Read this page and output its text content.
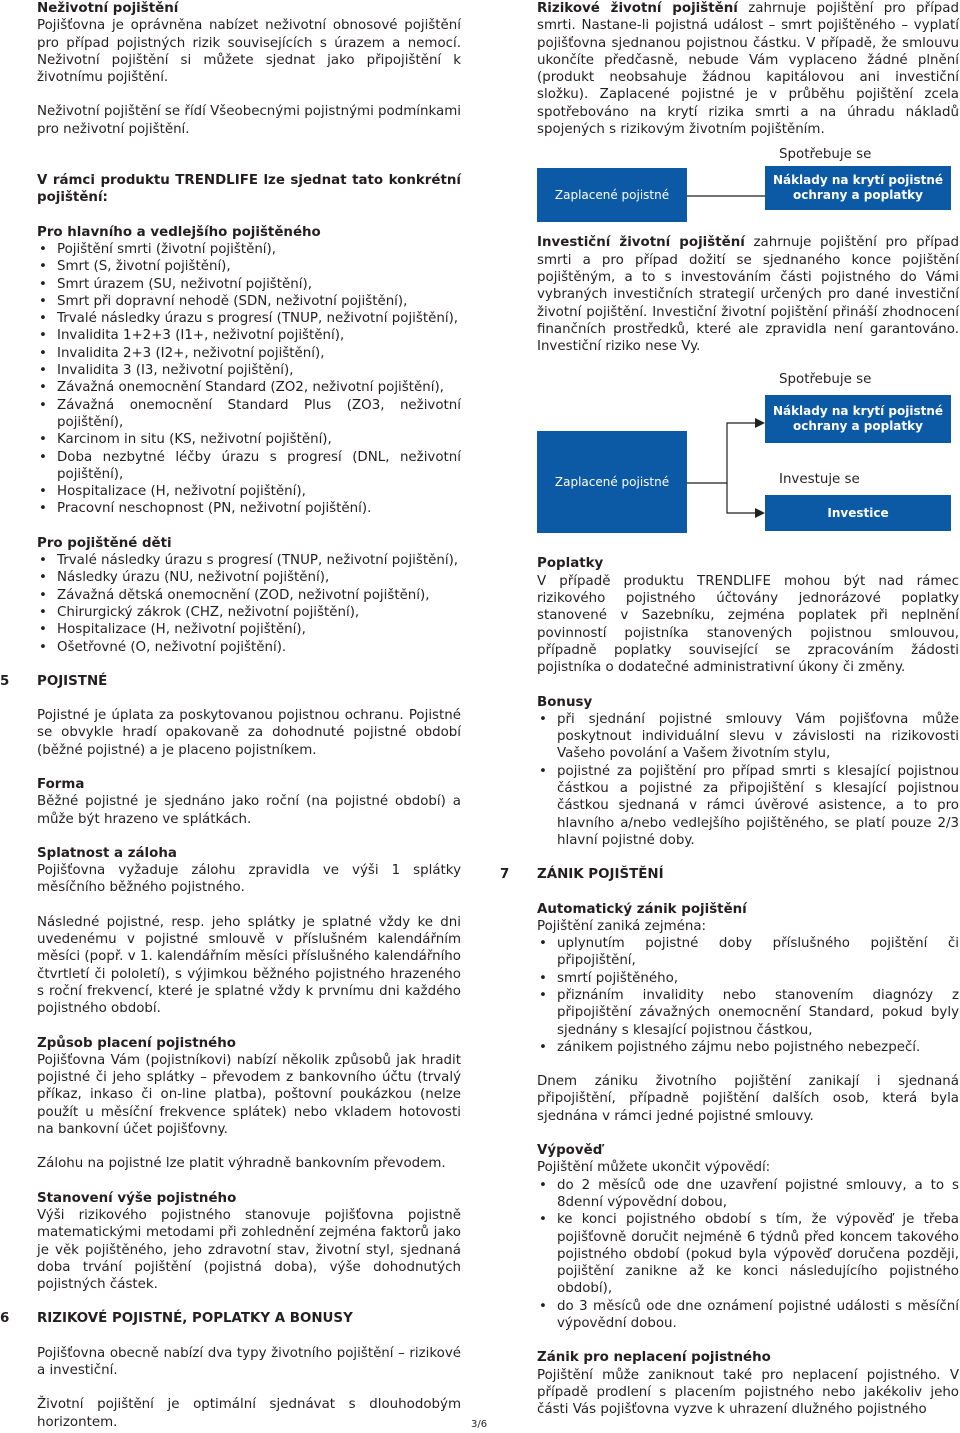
Neživotní pojištění

Pojišťovna je oprávněna nabízet neživotní obnosové pojištění pro případ pojistných rizik souvisejících s úrazem a nemocí. Neživotní pojištění si můžete sjednat jako připojištění k životnímu pojištění.

Neživotní pojištění se řídí Všeobecnými pojistnými podmínkami pro neživotní pojištění.

V rámci produktu TRENDLIFE lze sjednat tato konkrétní pojištění:

Pro hlavního a vedlejšího pojištěného

• Pojištění smrti (životní pojištění),
• Smrt (S, životní pojištění),
• Smrt úrazem (SU, neživotní pojištění),
• Smrt při dopravní nehodě (SDN, neživotní pojištění),
• Trvalé následky úrazu s progresí (TNUP, neživotní pojištění),
• Invalidita 1+2+3 (I1+, neživotní pojištění),
• Invalidita 2+3 (I2+, neživotní pojištění),
• Invalidita 3 (I3, neživotní pojištění),
• Závažná onemocnění Standard (ZO2, neživotní pojištění),
• Závažná onemocnění Standard Plus (ZO3, neživotní pojištění),
• Karcinom in situ (KS, neživotní pojištění),
• Doba nezbytné léčby úrazu s progresí (DNL, neživotní pojištění),
• Hospitalizace (H, neživotní pojištění),
• Pracovní neschopnost (PN, neživotní pojištění).

Pro pojištěné děti

• Trvalé následky úrazu s progresí (TNUP, neživotní pojištění),
• Následky úrazu (NU, neživotní pojištění),
• Závažná dětská onemocnění (ZOD, neživotní pojištění),
• Chirurgický zákrok (CHZ, neživotní pojištění),
• Hospitalizace (H, neživotní pojištění),
• Ošetřovné (O, neživotní pojištění).
5 POJISTNÉ

Pojistné je úplata za poskytovanou pojistnou ochranu. Pojistné se obvykle hradí opakovaně za dohodnuté pojistné období (běžné pojistné) a je placeno pojistníkem.

Forma

Běžné pojistné je sjednáno jako roční (na pojistné období) a může být hrazeno ve splátkách.

Splatnost a záloha

Pojišťovna vyžaduje zálohu zpravidla ve výši 1 splátky měsíčního běžného pojistného.

Následné pojistné, resp. jeho splátky je splatné vždy ke dni uvedenému v pojistné smlouvě v příslušném kalendářním měsíci (popř. v 1. kalendářním měsíci příslušného kalendářního čtvrtletí či pololetí), s výjimkou běžného pojistného hrazeného s roční frekvencí, které je splatné vždy k prvnímu dni každého pojistného období.

Způsob placení pojistného

Pojišťovna Vám (pojistníkovi) nabízí několik způsobů jak hradit pojistné či jeho splátky – převodem z bankovního účtu (trvalý příkaz, inkaso či on-line platba), poštovní poukázkou (nelze použít u měsíční frekvence splátek) nebo vkladem hotovosti na bankovní účet pojišťovny.

Zálohu na pojistné lze platit výhradně bankovním převodem.

Stanovení výše pojistného

Výši rizikového pojistného stanovuje pojišťovna pojistně matematickými metodami při zohlednění zejména faktorů jako je věk pojištěného, jeho zdravotní stav, životní styl, sjednaná doba trvání pojištění (pojistná doba), výše dohodnutých pojistných částek.

6 RIZIKOVÉ POJISTNÉ, POPLATKY A BONUSY

Pojišťovna obecně nabízí dva typy životního pojištění – rizikové a investiční.

Životní pojištění je optimální sjednávat s dlouhodobým horizontem.

Rizikové životní pojištění zahrnuje pojištění pro případ smrti. Nastane-li pojistná událost – smrt pojištěného – vyplatí pojišťovna sjednanou pojistnou částku. V případě, že smlouvu ukončíte předčasně, nebude Vám vyplaceno žádné plnění (produkt neobsahuje žádnou kapitálovou ani investiční složku). Zaplacené pojistné je v průběhu pojištění zcela spotřebováno na krytí rizika smrti a na úhradu nákladů spojených s rizikovým životním pojištěním.

Spotřebuje se
Zaplacené pojistné
Náklady na krytí pojistné ochrany a poplatky

Investiční životní pojištění zahrnuje pojištění pro případ smrti a pro případ dožití se sjednaného konce pojištění pojištěným, a to s investováním části pojistného do Vámi vybraných investičních strategií určených pro dané investiční životní pojištění. Investiční životní pojištění přináší zhodnocení finančních prostředků, které ale zpravidla není garantováno. Investiční riziko nese Vy.

Spotřebuje se
Náklady na krytí pojistné ochrany a poplatky
Zaplacené pojistné	Investuje se
Investice

Poplatky

V případě produktu TRENDLIFE mohou být nad rámec rizikového pojistného účtovány jednorázové poplatky stanovené v Sazebníku, zejména poplatek při neplnění povinností pojistníka stanovených pojistnou smlouvou, případně poplatky související se zpracováním žádosti pojistníka o dodatečné administrativní úkony či změny.

Bonusy

• při sjednání pojistné smlouvy Vám pojišťovna může poskytnout individuální slevu v závislosti na rizikovosti Vašeho povolání a Vašem životním stylu,
• pojistné za pojištění pro případ smrti s klesající pojistnou částkou a pojistné za připojištění s klesající pojistnou částkou sjednaná v rámci úvěrové asistence, a to pro hlavního a/nebo vedlejšího pojištěného, se platí pouze 2/3 hlavní pojistné doby.
7 ZÁNIK POJIŠTĚNÍ

Automatický zánik pojištění

Pojištění zaniká zejména:

• uplynutím pojistné doby příslušného pojištění či připojištění,
• smrtí pojištěného,
• přiznáním invalidity nebo stanovením diagnózy z připojištění závažných onemocnění Standard, pokud byly sjednány s klesající pojistnou částkou,
• zánikem pojistného zájmu nebo pojistného nebezpečí.

Dnem zániku životního pojištění zanikají i sjednaná připojištění, případně pojištění dalších osob, která byla sjednána v rámci jedné pojistné smlouvy.

Výpověď

Pojištění můžete ukončit výpovědí:

• do 2 měsíců ode dne uzavření pojistné smlouvy, a to s 8denní výpovědní dobou,
• ke konci pojistného období s tím, že výpověď je třeba pojišťovně doručit nejméně 6 týdnů před koncem takového pojistného období (pokud byla výpověď doručena později, pojištění zanikne až ke konci následujícího pojistného období),
• do 3 měsíců ode dne oznámení pojistné události s měsíční výpovědní dobou.

Zánik pro neplacení pojistného

Pojištění může zaniknout také pro neplacení pojistného. V případě prodlení s placením pojistného nebo jakékoliv jeho části Vás pojišťovna vyzve k uhrazení dlužného pojistného

3/6
